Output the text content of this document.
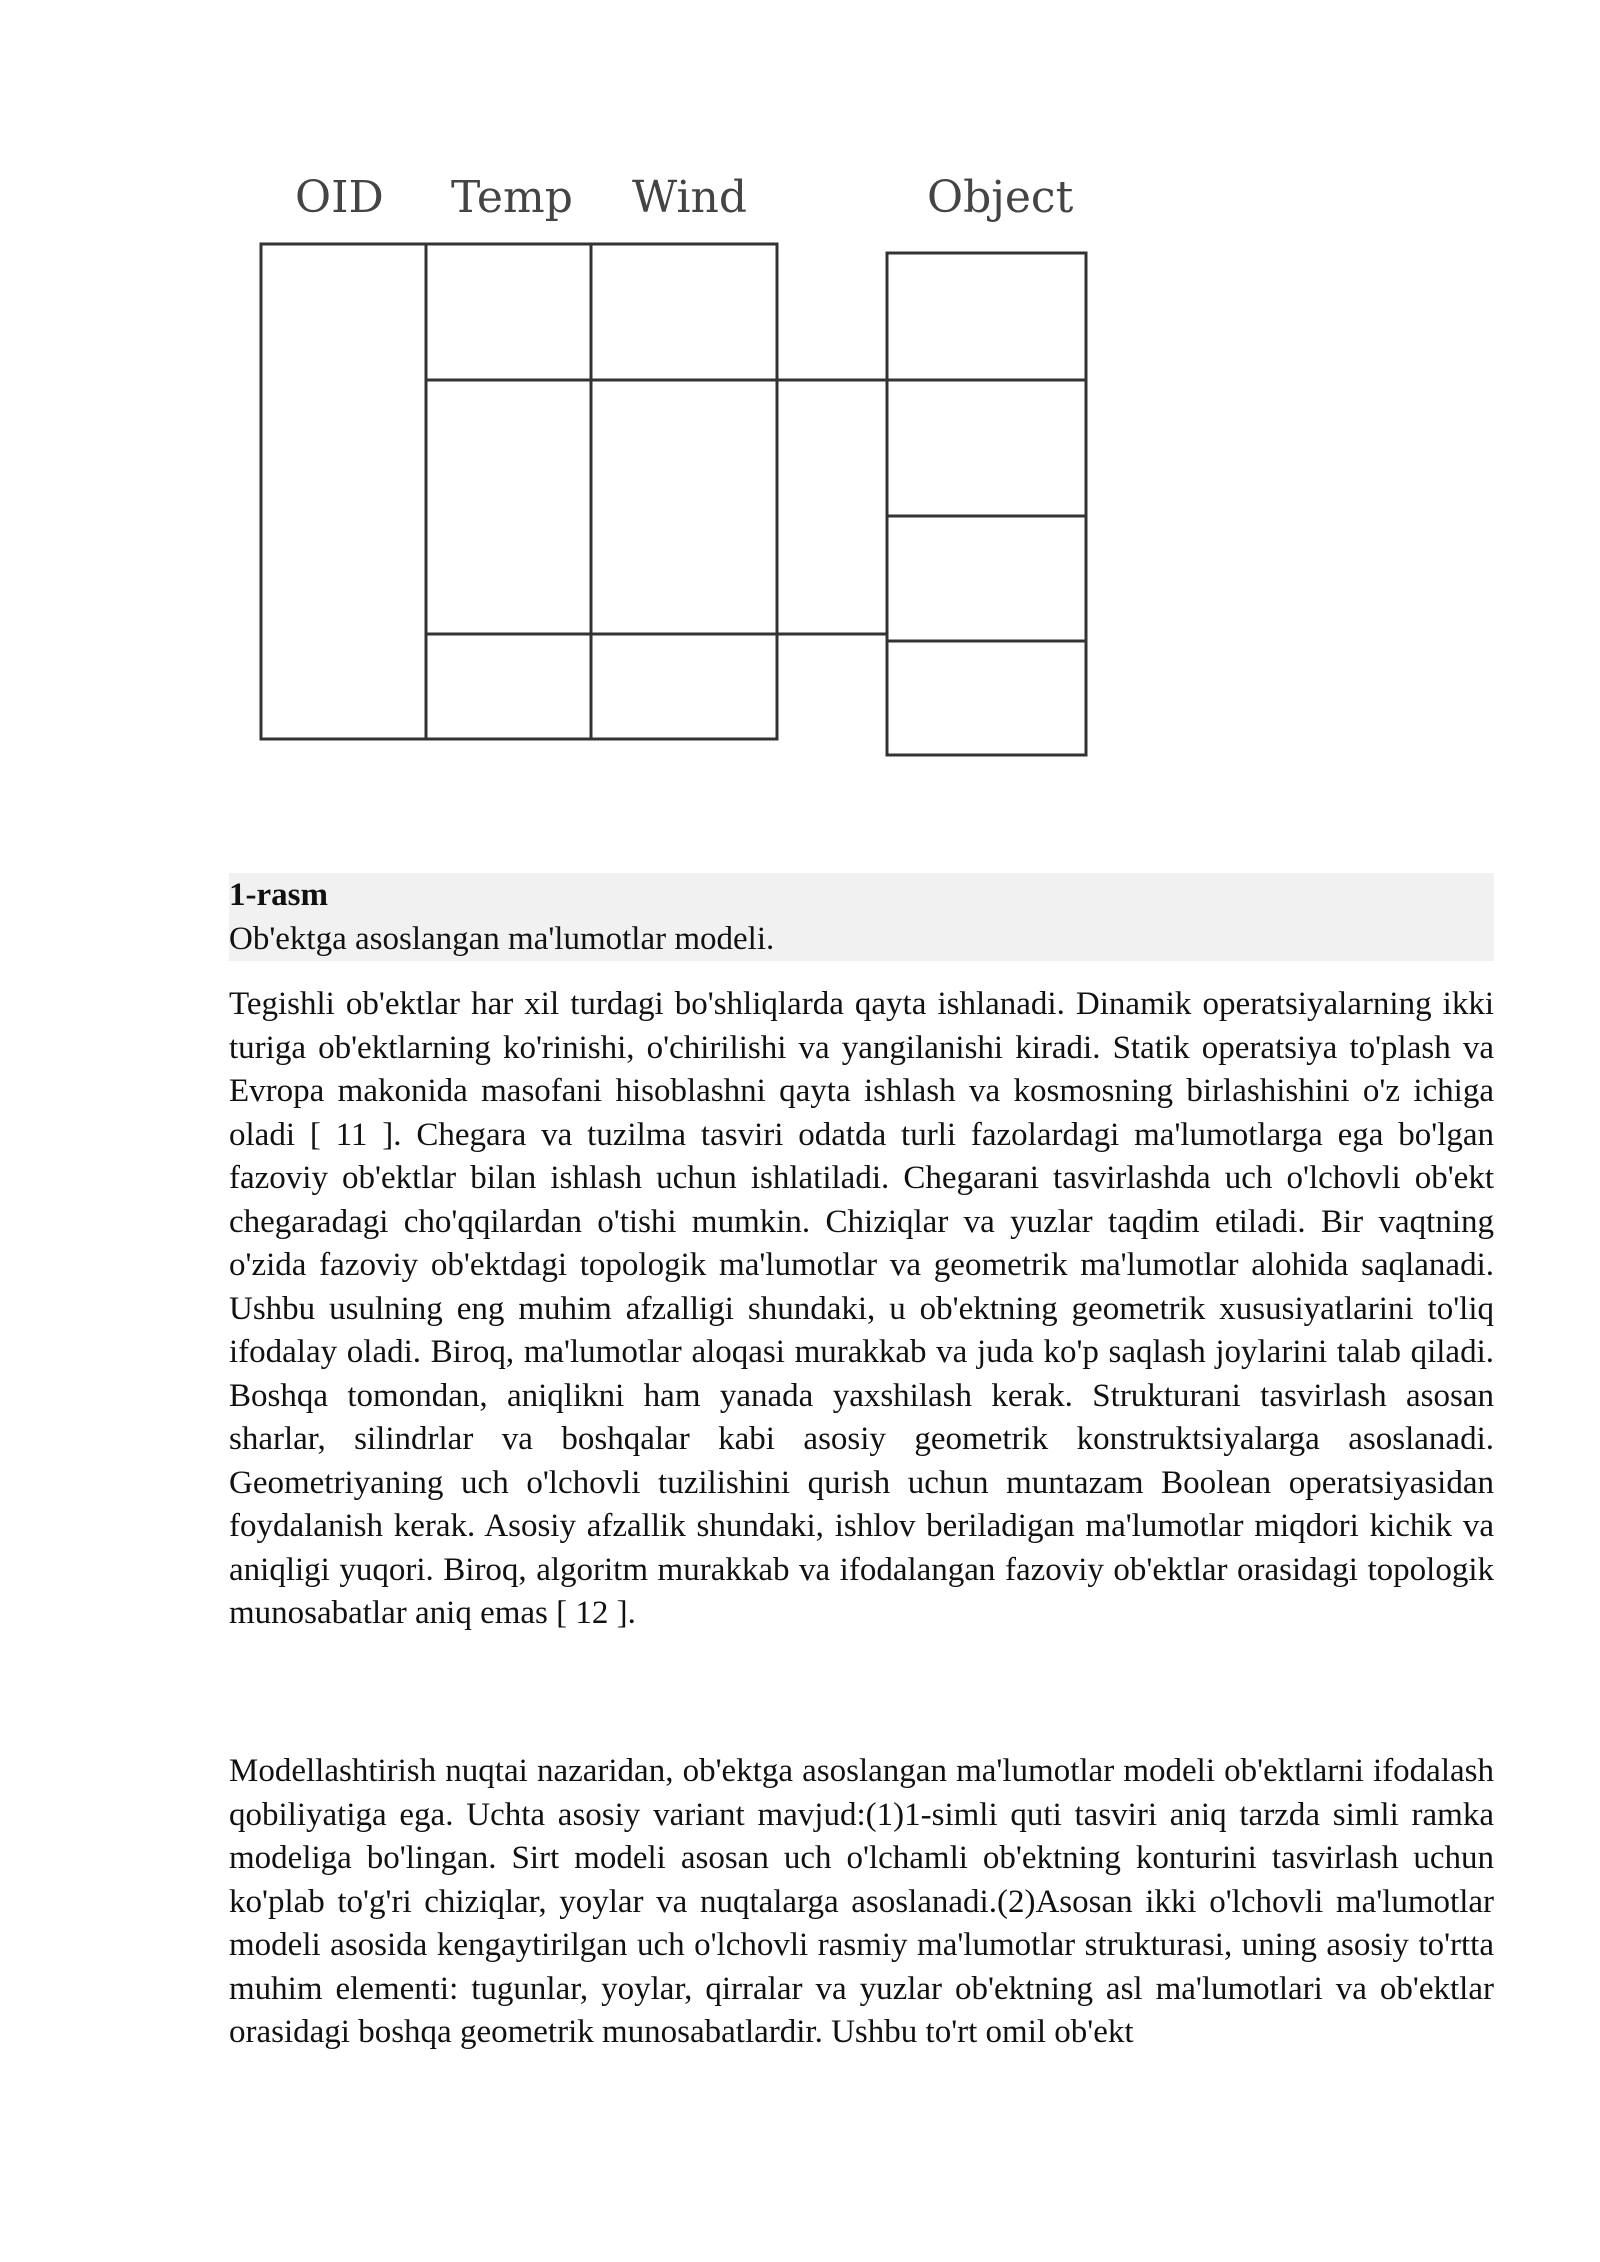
OID Temp Wind	Object
1-rasm
Ob'ektga asoslangan ma'lumotlar modeli.

Tegishli ob'ektlar har xil turdagi bo'shliqlarda qayta ishlanadi. Dinamik operatsiyalarning ikki turiga ob'ektlarning ko'rinishi, o'chirilishi va yangilanishi kiradi. Statik operatsiya to'plash va Evropa makonida masofani hisoblashni qayta ishlash va kosmosning birlashishini o'z ichiga oladi [ 11 ]. Chegara va tuzilma tasviri odatda turli fazolardagi ma'lumotlarga ega bo'lgan fazoviy ob'ektlar bilan ishlash uchun ishlatiladi. Chegarani tasvirlashda uch o'lchovli ob'ekt chegaradagi cho'qqilardan o'tishi mumkin. Chiziqlar va yuzlar taqdim etiladi. Bir vaqtning o'zida fazoviy ob'ektdagi topologik ma'lumotlar va geometrik ma'lumotlar alohida saqlanadi. Ushbu usulning eng muhim afzalligi shundaki, u ob'ektning geometrik xususiyatlarini to'liq ifodalay oladi. Biroq, ma'lumotlar aloqasi murakkab va juda ko'p saqlash joylarini talab qiladi. Boshqa tomondan, aniqlikni ham yanada yaxshilash kerak. Strukturani tasvirlash asosan sharlar, silindrlar va boshqalar kabi asosiy geometrik konstruktsiyalarga asoslanadi. Geometriyaning uch o'lchovli tuzilishini qurish uchun muntazam Boolean operatsiyasidan foydalanish kerak. Asosiy afzallik shundaki, ishlov beriladigan ma'lumotlar miqdori kichik va aniqligi yuqori. Biroq, algoritm murakkab va ifodalangan fazoviy ob'ektlar orasidagi topologik munosabatlar aniq emas [ 12 ].

Modellashtirish nuqtai nazaridan, ob'ektga asoslangan ma'lumotlar modeli ob'ektlarni ifodalash qobiliyatiga ega. Uchta asosiy variant mavjud:(1)1-simli quti tasviri aniq tarzda simli ramka modeliga bo'lingan. Sirt modeli asosan uch o'lchamli ob'ektning konturini tasvirlash uchun ko'plab to'g'ri chiziqlar, yoylar va nuqtalarga asoslanadi.(2)Asosan ikki o'lchovli ma'lumotlar modeli asosida kengaytirilgan uch o'lchovli rasmiy ma'lumotlar strukturasi, uning asosiy to'rtta muhim elementi: tugunlar, yoylar, qirralar va yuzlar ob'ektning asl ma'lumotlari va ob'ektlar orasidagi boshqa geometrik munosabatlardir. Ushbu to'rt omil ob'ekt
